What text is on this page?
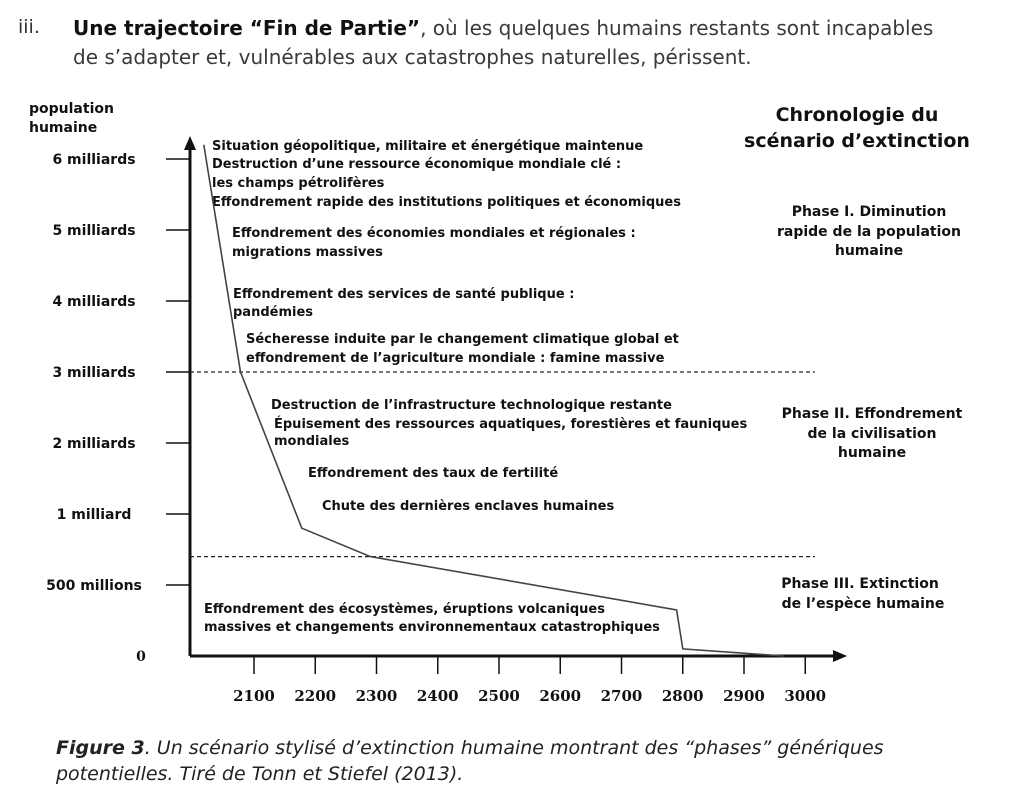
iii. Une trajectoire “Fin de Partie”, où les quelques humains restants sont incapables
de s’adapter et, vulnérables aux catastrophes naturelles, périssent.
population
humaine
Chronologie du
scénario d’extinction
Phase I. Diminution
rapide de la population
humaine
Phase II. Effondrement
de la civilisation
humaine
Phase III. Extinction
de l’espèce humaine
Situation géopolitique, militaire et énergétique maintenue
Destruction d’une ressource économique mondiale clé :
les champs pétrolifères
Effondrement rapide des institutions politiques et économiques
Effondrement des économies mondiales et régionales :
migrations massives
Effondrement des services de santé publique :
pandémies
Sécheresse induite par le changement climatique global et
effondrement de l’agriculture mondiale : famine massive
Destruction de l’infrastructure technologique restante
Épuisement des ressources aquatiques, forestières et fauniques
mondiales
Effondrement des taux de fertilité
Chute des dernières enclaves humaines
Effondrement des écosystèmes, éruptions volcaniques
massives et changements environnementaux catastrophiques
0
500 millions
1 milliard
2 milliards
3 milliards
4 milliards
5 milliards
6 milliards
2100 2200 2300 2400 2500 2600 2700 2800 2900 3000
Figure 3. Un scénario stylisé d’extinction humaine montrant des “phases” génériques
potentielles. Tiré de Tonn et Stiefel (2013).
